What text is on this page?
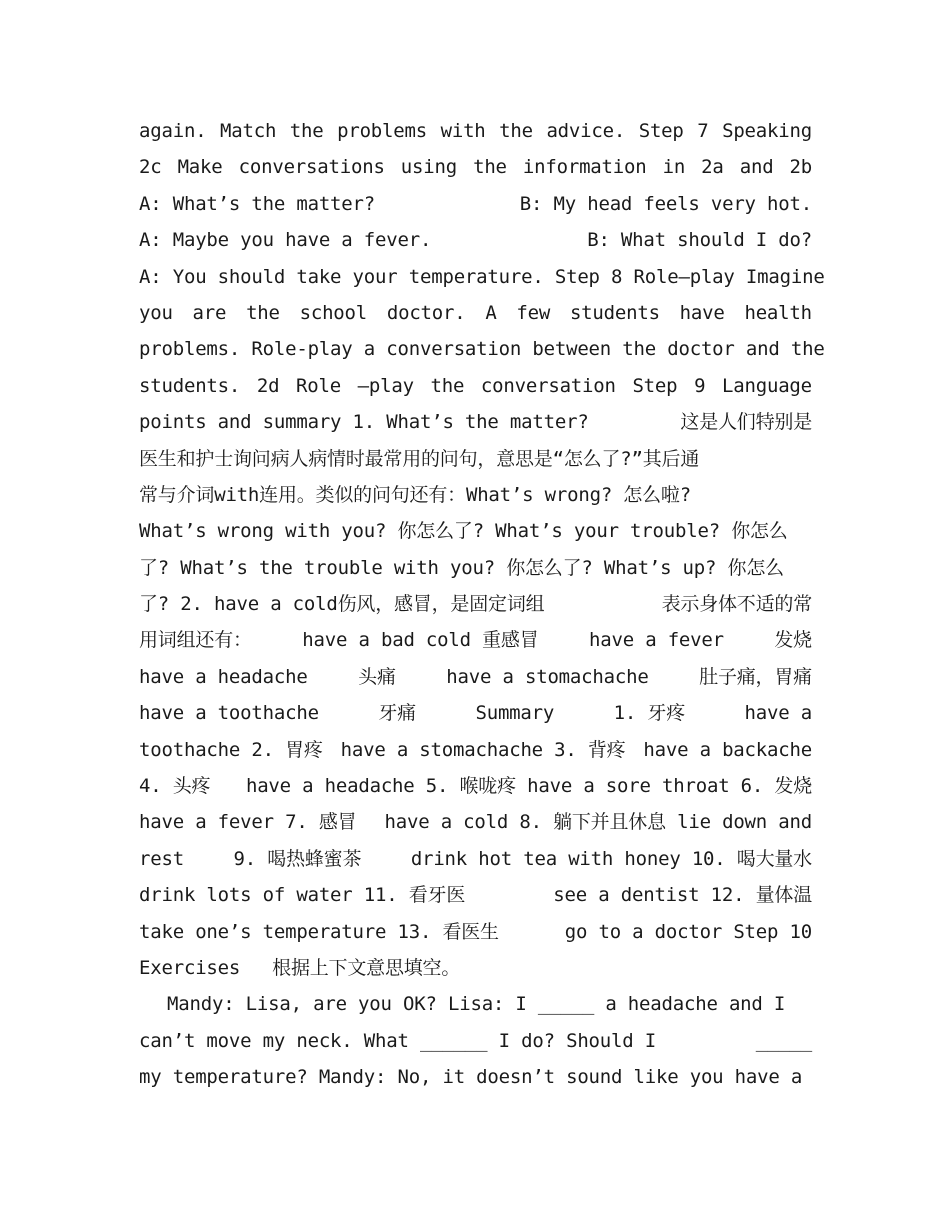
again. Match the problems with the advice. Step 7 Speaking
2c Make conversations using the information in 2a and 2b
A: What’s the matter?	B: My head feels very hot.
A: Maybe you have a fever.	B: What should I do?
A: You should take your temperature. Step 8 Role–play Imagine
you are the school doctor. A few students have health
problems. Role-play a conversation between the doctor and the
students. 2d Role –play the conversation Step 9 Language
points and summary 1. What’s the matter?	这是人们特别是
医生和护士询问病人病情时最常用的问句，意思是“怎么了?”其后通
常与介词with连用。类似的问句还有：What’s wrong? 怎么啦?
What’s wrong with you? 你怎么了? What’s your trouble? 你怎么
了? What’s the trouble with you? 你怎么了? What’s up? 你怎么
了? 2. have a cold伤风，感冒，是固定词组	表示身体不适的常
用词组还有：	have a bad cold 重感冒	have a fever	发烧
have a headache	头痛	have a stomachache	肚子痛，胃痛
have a toothache	牙痛	Summary	1. 牙疼	have a
toothache 2. 胃疼 have a stomachache 3. 背疼 have a backache
4. 头疼 have a headache 5. 喉咙疼 have a sore throat 6. 发烧
have a fever 7. 感冒 have a cold 8. 躺下并且休息 lie down and
rest	9. 喝热蜂蜜茶	drink hot tea with honey 10. 喝大量水
drink lots of water 11. 看牙医	see a dentist 12. 量体温
take one’s temperature 13. 看医生	go to a doctor Step 10
Exercises 根据上下文意思填空。
Mandy: Lisa, are you OK? Lisa: I _____ a headache and I
can’t move my neck. What ______ I do? Should I	_____
my temperature? Mandy: No, it doesn’t sound like you have a
